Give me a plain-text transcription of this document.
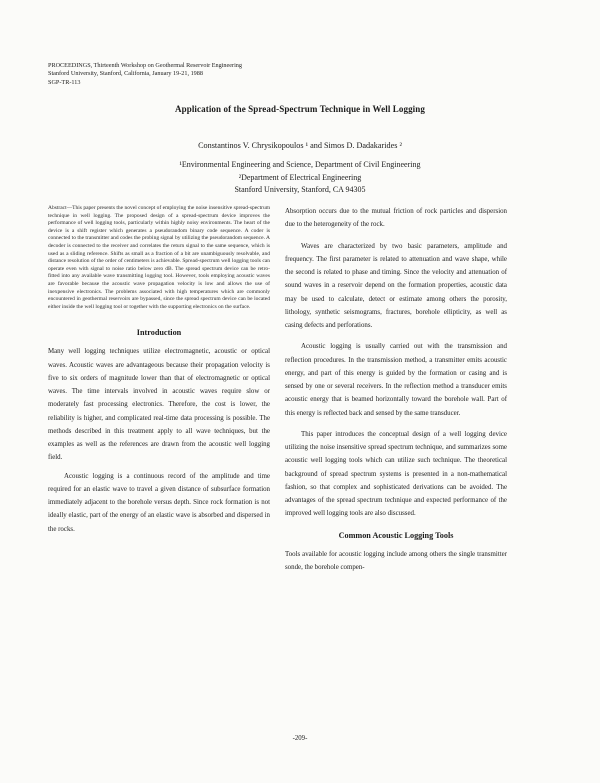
PROCEEDINGS, Thirteenth Workshop on Geothermal Reservoir Engineering
Stanford University, Stanford, California, January 19-21, 1988
SGP-TR-113
Application of the Spread-Spectrum Technique in Well Logging
Constantinos V. Chrysikopoulos ¹ and Simos D. Dadakarides ²
¹Environmental Engineering and Science, Department of Civil Engineering
²Department of Electrical Engineering
Stanford University, Stanford, CA 94305

Abstract—This paper presents the novel concept of employing the noise insensitive spread-spectrum technique in well logging. The proposed design of a spread-spectrum device improves the performance of well logging tools, particularly within highly noisy environments. The heart of the device is a shift register which generates a pseudorandom binary code sequence. A coder is connected to the transmitter and codes the probing signal by utilizing the pseudorandom sequence. A decoder is connected to the receiver and correlates the return signal to the same sequence, which is used as a sliding reference. Shifts as small as a fraction of a bit are unambiguously resolvable, and distance resolution of the order of centimeters is achievable. Spread-spectrum well logging tools can operate even with signal to noise ratio below zero dB. The spread spectrum device can be retro-fitted into any available wave transmitting logging tool. However, tools employing acoustic waves are favorable because the acoustic wave propagation velocity is low and allows the use of inexpensive electronics. The problems associated with high temperatures which are commonly encountered in geothermal reservoirs are bypassed, since the spread spectrum device can be located either inside the well logging tool or together with the supporting electronics on the surface.

Introduction

Many well logging techniques utilize electromagnetic, acoustic or optical waves. Acoustic waves are advantageous because their propagation velocity is five to six orders of magnitude lower than that of electromagnetic or optical waves. The time intervals involved in acoustic waves require slow or moderately fast processing electronics. Therefore, the cost is lower, the reliability is higher, and complicated real-time data processing is possible. The methods described in this treatment apply to all wave techniques, but the examples as well as the references are drawn from the acoustic well logging field.

Acoustic logging is a continuous record of the amplitude and time required for an elastic wave to travel a given distance of subsurface formation immediately adjacent to the borehole versus depth. Since rock formation is not ideally elastic, part of the energy of an elastic wave is absorbed and dispersed in the rocks.

Absorption occurs due to the mutual friction of rock particles and dispersion due to the heterogeneity of the rock.

Waves are characterized by two basic parameters, amplitude and frequency. The first parameter is related to attenuation and wave shape, while the second is related to phase and timing. Since the velocity and attenuation of sound waves in a reservoir depend on the formation properties, acoustic data may be used to calculate, detect or estimate among others the porosity, lithology, synthetic seismograms, fractures, borehole ellipticity, as well as casing defects and perforations.

Acoustic logging is usually carried out with the transmission and reflection procedures. In the transmission method, a transmitter emits acoustic energy, and part of this energy is guided by the formation or casing and is sensed by one or several receivers. In the reflection method a transducer emits acoustic energy that is beamed horizontally toward the borehole wall. Part of this energy is reflected back and sensed by the same transducer.

This paper introduces the conceptual design of a well logging device utilizing the noise insensitive spread spectrum technique, and summarizes some acoustic well logging tools which can utilize such technique. The theoretical background of spread spectrum systems is presented in a non-mathematical fashion, so that complex and sophisticated derivations can be avoided. The advantages of the spread spectrum technique and expected performance of the improved well logging tools are also discussed.

Common Acoustic Logging Tools

Tools available for acoustic logging include among others the single transmitter sonde, the borehole compen-

-209-
